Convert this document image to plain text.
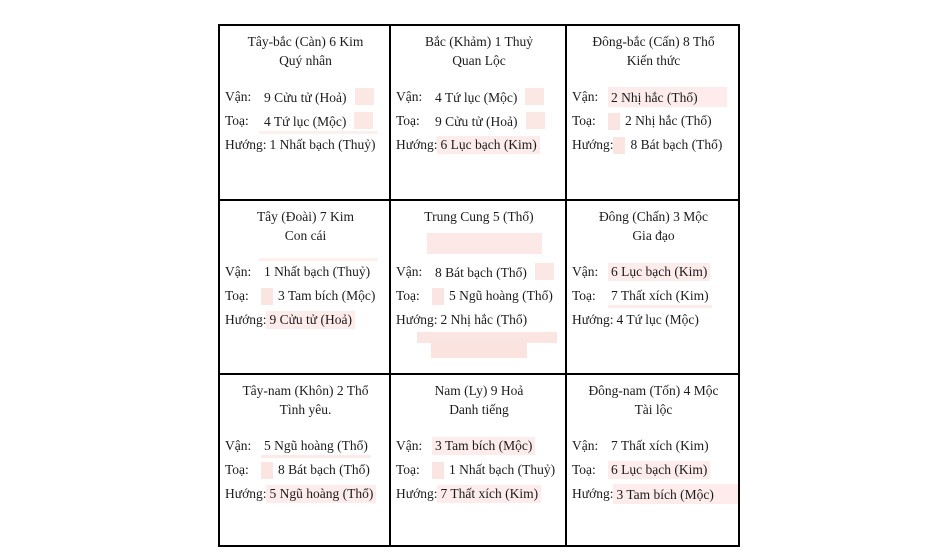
Tây-bắc (Càn) 6 Kim
Quý nhân
Vận: 9 Cửu tử (Hoả)
Toạ:	4 Tứ lục (Mộc)
Hướng: 1 Nhất bạch (Thuỷ)
Bắc (Khảm) 1 Thuỷ
Quan Lộc
Vận: 4 Tứ lục (Mộc)
Toạ:	9 Cửu tử (Hoả)
Hướng: 6 Lục bạch (Kim)
Đông-bắc (Cấn) 8 Thổ
Kiến thức
Vận: 2 Nhị hắc (Thổ)
Toạ:	2 Nhị hắc (Thổ)
Hướng: 8 Bát bạch (Thổ)
Tây (Đoài) 7 Kim
Con cái
Vận: 1 Nhất bạch (Thuỷ)
Toạ:	3 Tam bích (Mộc)
Hướng: 9 Cửu tử (Hoả)
Trung Cung 5 (Thổ)
Vận: 8 Bát bạch (Thổ)
Toạ:	5 Ngũ hoàng (Thổ)
Hướng: 2 Nhị hắc (Thổ)
Đông (Chấn) 3 Mộc
Gia đạo
Vận: 6 Lục bạch (Kim)
Toạ:	7 Thất xích (Kim)
Hướng: 4 Tứ lục (Mộc)
Tây-nam (Khôn) 2 Thổ
Tình yêu.
Vận: 5 Ngũ hoàng (Thổ)
Toạ:	8 Bát bạch (Thổ)
Hướng: 5 Ngũ hoàng (Thổ)
Nam (Ly) 9 Hoả
Danh tiếng
Vận: 3 Tam bích (Mộc)
Toạ:	1 Nhất bạch (Thuỷ)
Hướng: 7 Thất xích (Kim)
Đông-nam (Tốn) 4 Mộc
Tài lộc
Vận: 7 Thất xích (Kim)
Toạ:	6 Lục bạch (Kim)
Hướng: 3 Tam bích (Mộc)
